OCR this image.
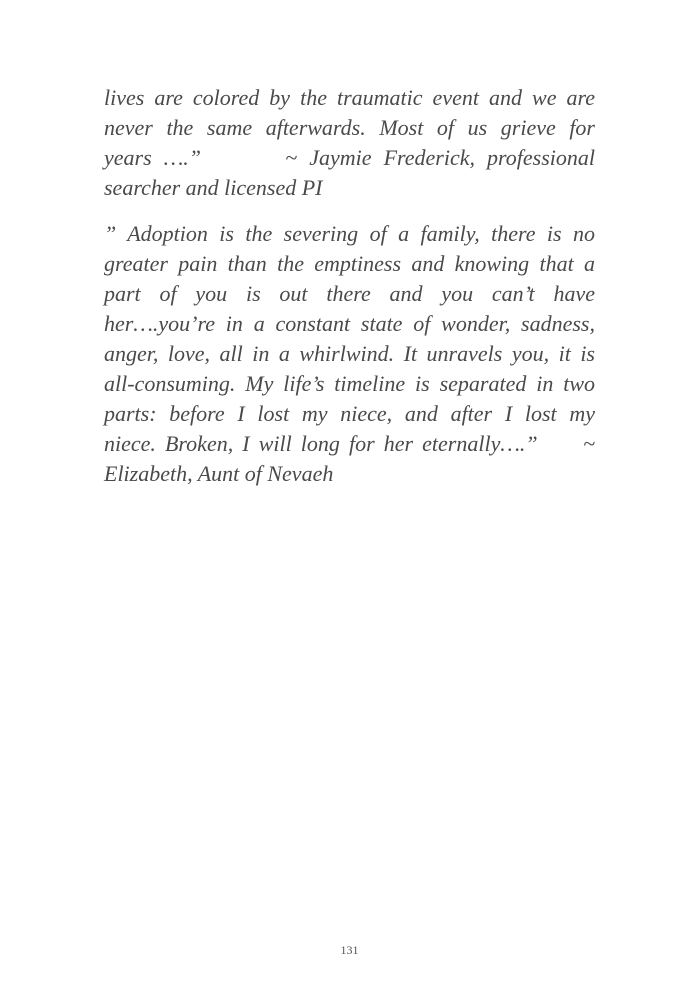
lives are colored by the traumatic event and we are
never the same afterwards. Most of us grieve for
years ….”       ~ Jaymie Frederick, professional
searcher and licensed PI
” Adoption is the severing of a family, there is no
greater pain than the emptiness and knowing that a
part of you is out there and you can’t have
her….you’re in a constant state of wonder, sadness,
anger, love, all in a whirlwind. It unravels you, it is
all-consuming. My life’s timeline is separated in two
parts: before I lost my niece, and after I lost my
niece. Broken, I will long for her eternally….”     ~
Elizabeth, Aunt of Nevaeh
131
